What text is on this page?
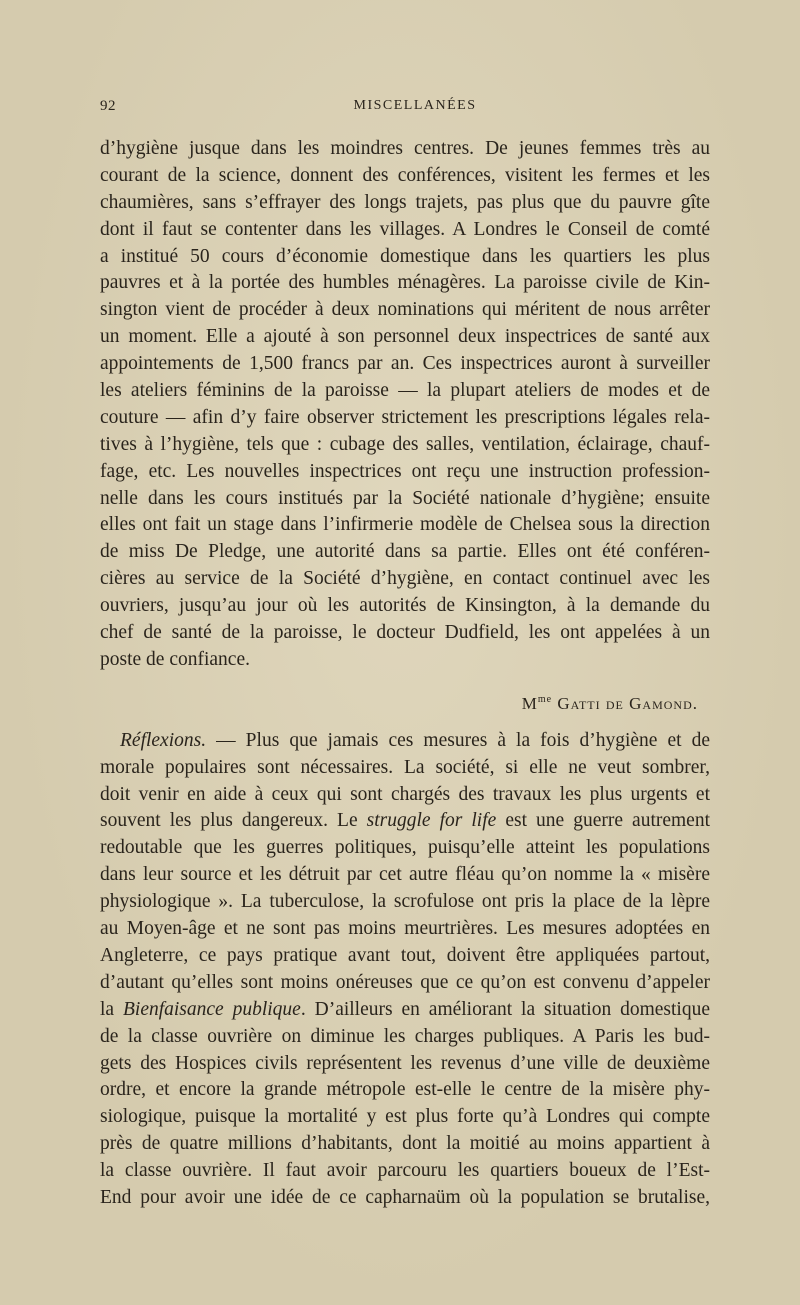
92	MISCELLANÉES
d’hygiène jusque dans les moindres centres. De jeunes femmes très au
courant de la science, donnent des conférences, visitent les fermes et les
chaumières, sans s’effrayer des longs trajets, pas plus que du pauvre gîte
dont il faut se contenter dans les villages. A Londres le Conseil de comté
a institué 50 cours d’économie domestique dans les quartiers les plus
pauvres et à la portée des humbles ménagères. La paroisse civile de Kin-
sington vient de procéder à deux nominations qui méritent de nous arrêter
un moment. Elle a ajouté à son personnel deux inspectrices de santé aux
appointements de 1,500 francs par an. Ces inspectrices auront à surveiller
les ateliers féminins de la paroisse — la plupart ateliers de modes et de
couture — afin d’y faire observer strictement les prescriptions légales rela-
tives à l’hygiène, tels que : cubage des salles, ventilation, éclairage, chauf-
fage, etc. Les nouvelles inspectrices ont reçu une instruction profession-
nelle dans les cours institués par la Société nationale d’hygiène; ensuite
elles ont fait un stage dans l’infirmerie modèle de Chelsea sous la direction
de miss De Pledge, une autorité dans sa partie. Elles ont été conféren-
cières au service de la Société d’hygiène, en contact continuel avec les
ouvriers, jusqu’au jour où les autorités de Kinsington, à la demande du
chef de santé de la paroisse, le docteur Dudfield, les ont appelées à un
poste de confiance.
$M^{me}$ Gatti de Gamond.
Réflexions. — Plus que jamais ces mesures à la fois d’hygiène et de
morale populaires sont nécessaires. La société, si elle ne veut sombrer,
doit venir en aide à ceux qui sont chargés des travaux les plus urgents et
souvent les plus dangereux. Le struggle for life est une guerre autrement
redoutable que les guerres politiques, puisqu’elle atteint les populations
dans leur source et les détruit par cet autre fléau qu’on nomme la « misère
physiologique ». La tuberculose, la scrofulose ont pris la place de la lèpre
au Moyen-âge et ne sont pas moins meurtrières. Les mesures adoptées en
Angleterre, ce pays pratique avant tout, doivent être appliquées partout,
d’autant qu’elles sont moins onéreuses que ce qu’on est convenu d’appeler
la Bienfaisance publique. D’ailleurs en améliorant la situation domestique
de la classe ouvrière on diminue les charges publiques. A Paris les bud-
gets des Hospices civils représentent les revenus d’une ville de deuxième
ordre, et encore la grande métropole est-elle le centre de la misère phy-
siologique, puisque la mortalité y est plus forte qu’à Londres qui compte
près de quatre millions d’habitants, dont la moitié au moins appartient à
la classe ouvrière. Il faut avoir parcouru les quartiers boueux de l’Est-
End pour avoir une idée de ce capharnaüm où la population se brutalise,
